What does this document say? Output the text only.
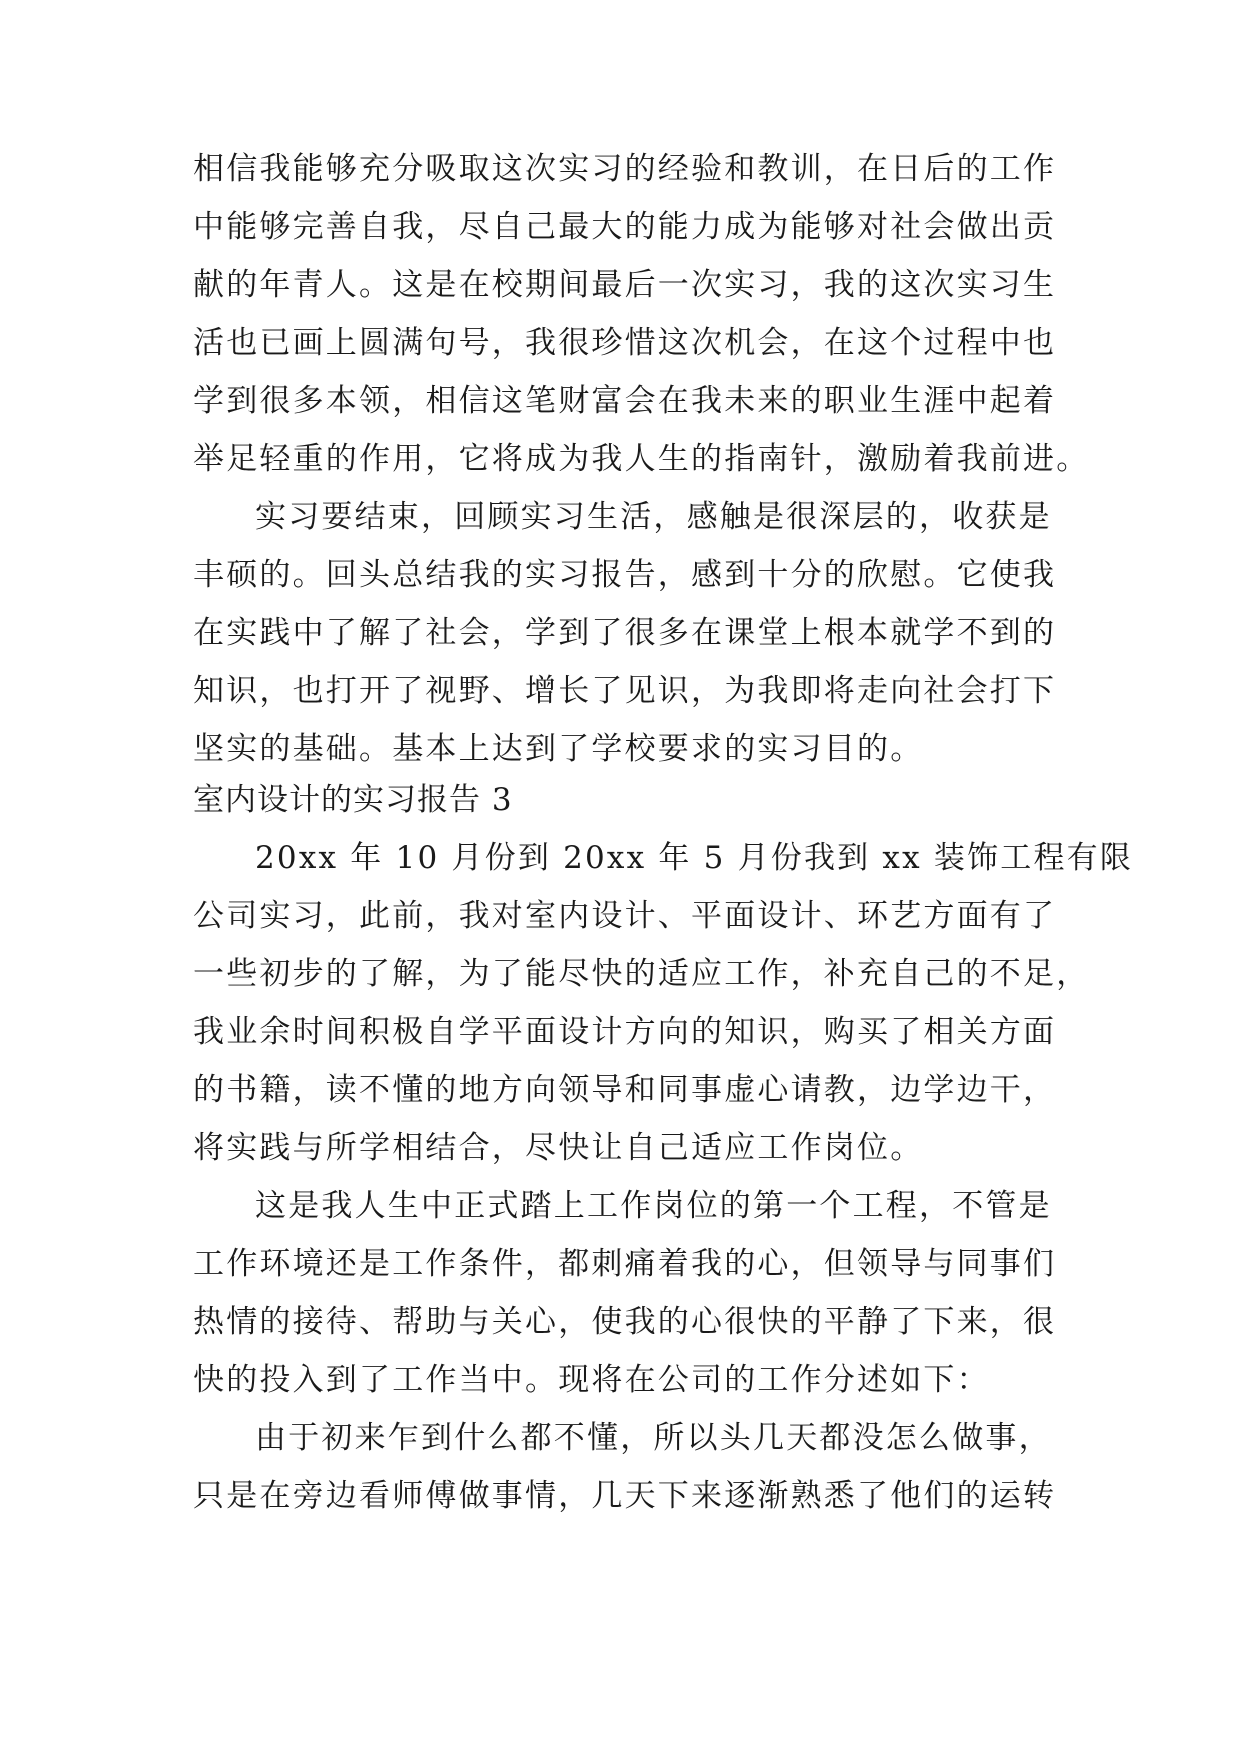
相信我能够充分吸取这次实习的经验和教训，在日后的工作
中能够完善自我，尽自己最大的能力成为能够对社会做出贡
献的年青人。这是在校期间最后一次实习，我的这次实习生
活也已画上圆满句号，我很珍惜这次机会，在这个过程中也
学到很多本领，相信这笔财富会在我未来的职业生涯中起着
举足轻重的作用，它将成为我人生的指南针，激励着我前进。
实习要结束，回顾实习生活，感触是很深层的，收获是
丰硕的。回头总结我的实习报告，感到十分的欣慰。它使我
在实践中了解了社会，学到了很多在课堂上根本就学不到的
知识，也打开了视野、增长了见识，为我即将走向社会打下
坚实的基础。基本上达到了学校要求的实习目的。
室内设计的实习报告 3
20xx 年 10 月份到 20xx 年 5 月份我到 xx 装饰工程有限
公司实习，此前，我对室内设计、平面设计、环艺方面有了
一些初步的了解，为了能尽快的适应工作，补充自己的不足，
我业余时间积极自学平面设计方向的知识，购买了相关方面
的书籍，读不懂的地方向领导和同事虚心请教，边学边干，
将实践与所学相结合，尽快让自己适应工作岗位。
这是我人生中正式踏上工作岗位的第一个工程，不管是
工作环境还是工作条件，都刺痛着我的心，但领导与同事们
热情的接待、帮助与关心，使我的心很快的平静了下来，很
快的投入到了工作当中。现将在公司的工作分述如下：
由于初来乍到什么都不懂，所以头几天都没怎么做事，
只是在旁边看师傅做事情，几天下来逐渐熟悉了他们的运转
